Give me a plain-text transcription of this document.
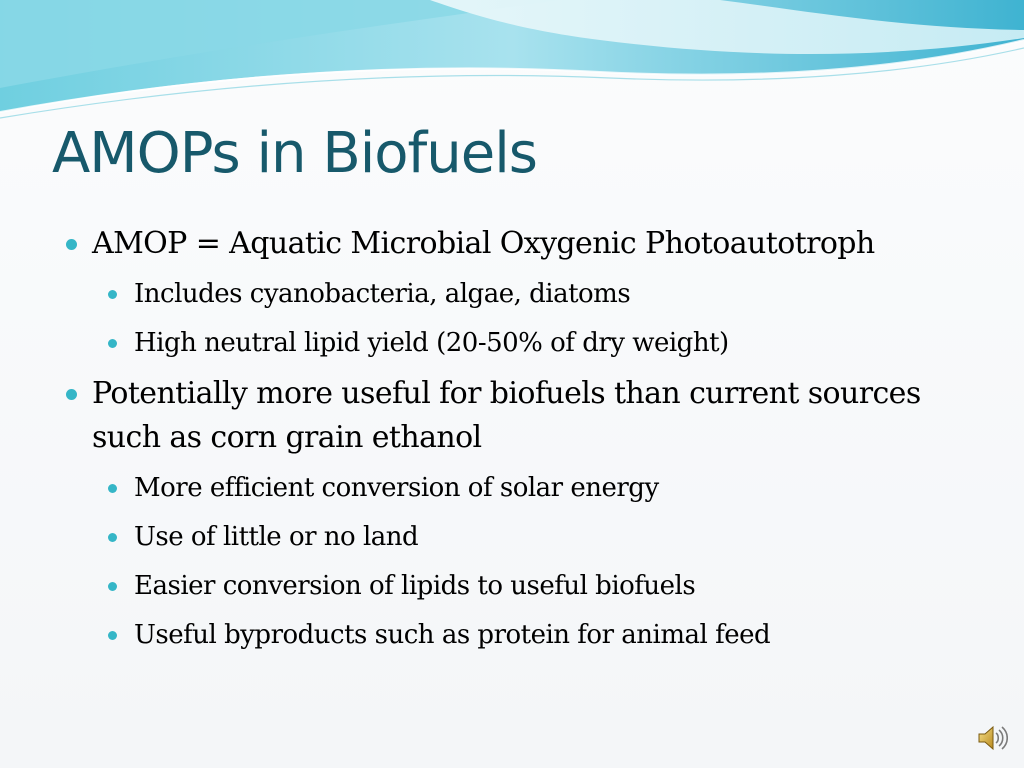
AMOPs in Biofuels
AMOP = Aquatic Microbial Oxygenic Photoautotroph
Includes cyanobacteria, algae, diatoms
High neutral lipid yield (20-50% of dry weight)
Potentially more useful for biofuels than current sources such as corn grain ethanol
More efficient conversion of solar energy
Use of little or no land
Easier conversion of lipids to useful biofuels
Useful byproducts such as protein for animal feed
